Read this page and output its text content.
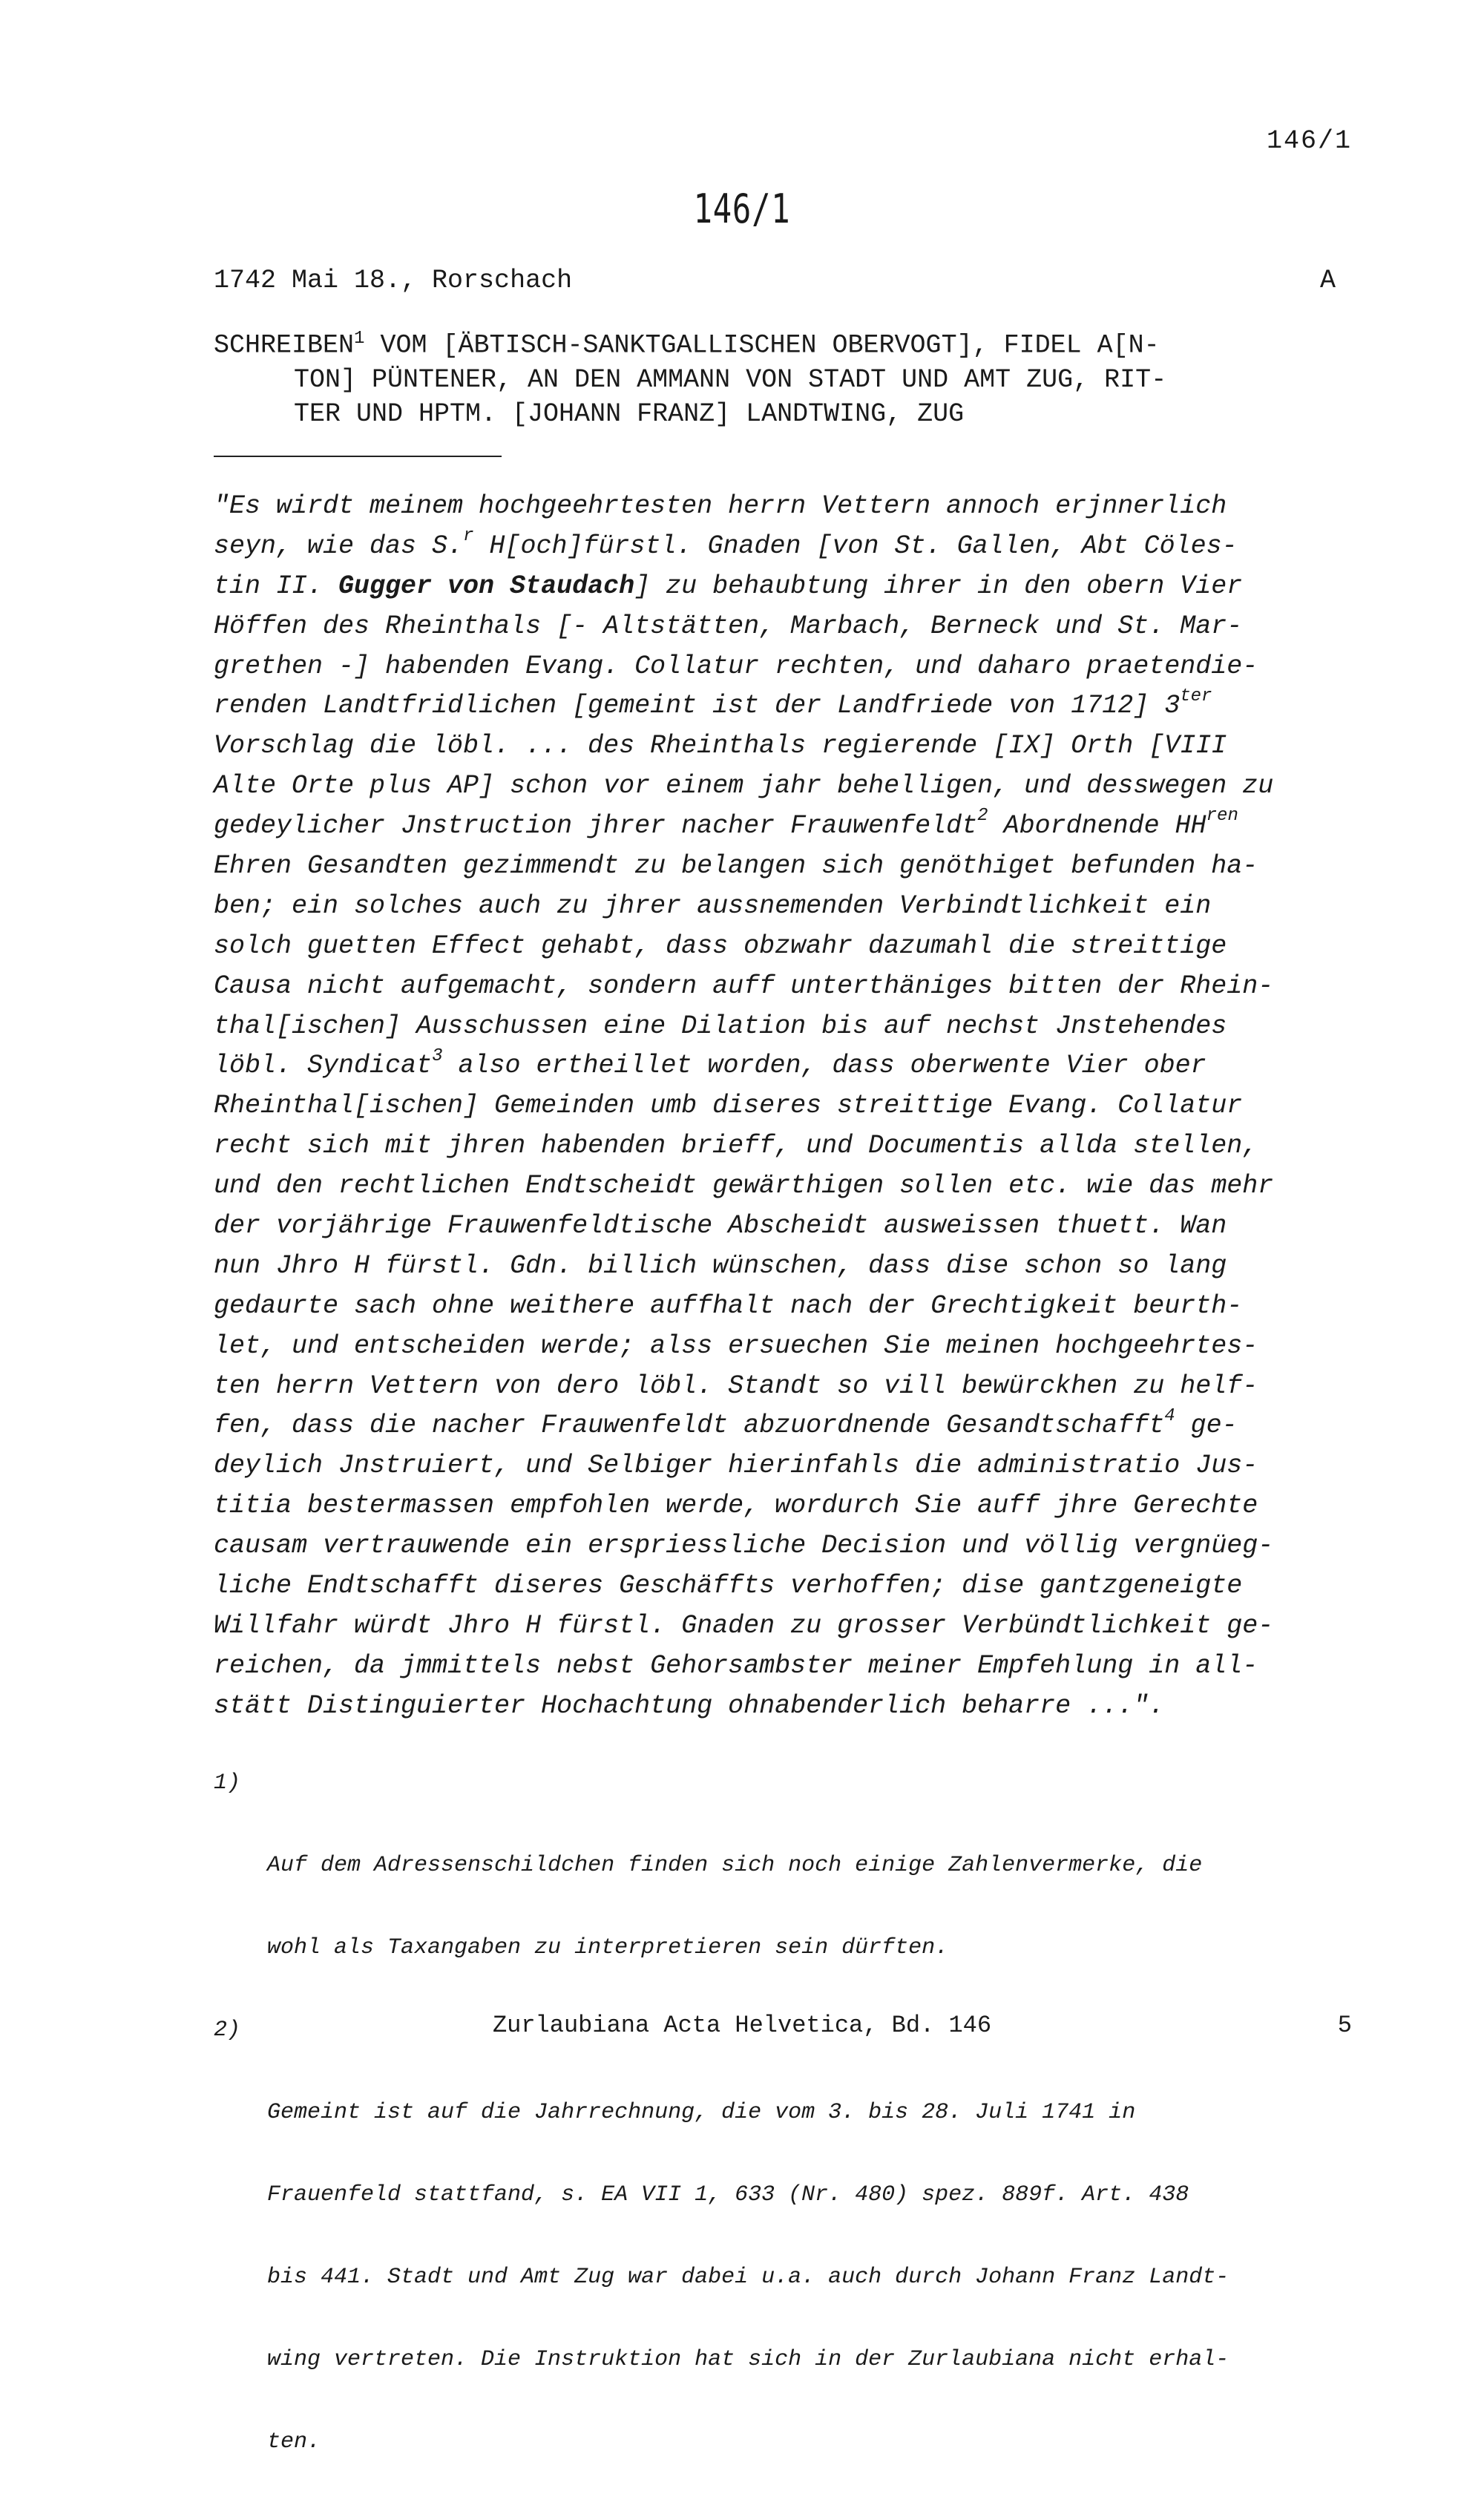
146/1
146/1
1742 Mai 18., Rorschach	A
SCHREIBEN$^1$ VOM [ÄBTISCH-SANKTGALLISCHEN OBERVOGT], FIDEL A[N-
TON] PÜNTENER, AN DEN AMMANN VON STADT UND AMT ZUG, RIT-
TER UND HPTM. [JOHANN FRANZ] LANDTWING, ZUG
"Es wirdt meinem hochgeehrtesten herrn Vettern annoch erjnnerlich
seyn, wie das S.$^r$ H[och]fürstl. Gnaden [von St. Gallen, Abt Cöles-
tin II. Gugger von Staudach] zu behaubtung ihrer in den obern Vier
Höffen des Rheinthals [- Altstätten, Marbach, Berneck und St. Mar-
grethen -] habenden Evang. Collatur rechten, und daharo praetendie-
renden Landtfridlichen [gemeint ist der Landfriede von 1712] $3^{ter}$
Vorschlag die löbl. ... des Rheinthals regierende [IX] Orth [VIII
Alte Orte plus AP] schon vor einem jahr behelligen, und desswegen zu
gedeylicher Jnstruction jhrer nacher Frauwenfeldt$^2$ Abordnende $HH^{ren}$
Ehren Gesandten gezimmendt zu belangen sich genöthiget befunden ha-
ben; ein solches auch zu jhrer aussnemenden Verbindtlichkeit ein
solch guetten Effect gehabt, dass obzwahr dazumahl die streittige
Causa nicht aufgemacht, sondern auff unterthäniges bitten der Rhein-
thal[ischen] Ausschussen eine Dilation bis auf nechst Jnstehendes
löbl. Syndicat$^3$ also ertheillet worden, dass oberwente Vier ober
Rheinthal[ischen] Gemeinden umb diseres streittige Evang. Collatur
recht sich mit jhren habenden brieff, und Documentis allda stellen,
und den rechtlichen Endtscheidt gewärthigen sollen etc. wie das mehr
der vorjährige Frauwenfeldtische Abscheidt ausweissen thuett. Wan
nun Jhro H fürstl. Gdn. billich wünschen, dass dise schon so lang
gedaurte sach ohne weithere auffhalt nach der Grechtigkeit beurth-
let, und entscheiden werde; alss ersuechen Sie meinen hochgeehrtes-
ten herrn Vettern von dero löbl. Standt so vill bewürckhen zu helf-
fen, dass die nacher Frauwenfeldt abzuordnende Gesandtschafft$^4$ ge-
deylich Jnstruiert, und Selbiger hierinfahls die administratio Jus-
titia bestermassen empfohlen werde, wordurch Sie auff jhre Gerechte
causam vertrauwende ein erspriessliche Decision und völlig vergnüeg-
liche Endtschafft diseres Geschäffts verhoffen; dise gantzgeneigte
Willfahr würdt Jhro H fürstl. Gnaden zu grosser Verbündtlichkeit ge-
reichen, da jmmittels nebst Gehorsambster meiner Empfehlung in all-
stätt Distinguierter Hochachtung ohnabenderlich beharre ...".

1)

Auf dem Adressenschildchen finden sich noch einige Zahlenvermerke, die

wohl als Taxangaben zu interpretieren sein dürften.

2)

Gemeint ist auf die Jahrrechnung, die vom 3. bis 28. Juli 1741 in

Frauenfeld stattfand, s. EA VII 1, 633 (Nr. 480) spez. 889f. Art. 438

bis 441. Stadt und Amt Zug war dabei u.a. auch durch Johann Franz Landt-

wing vertreten. Die Instruktion hat sich in der Zurlaubiana nicht erhal-

ten.

Zurlaubiana Acta Helvetica, Bd. 146	5
